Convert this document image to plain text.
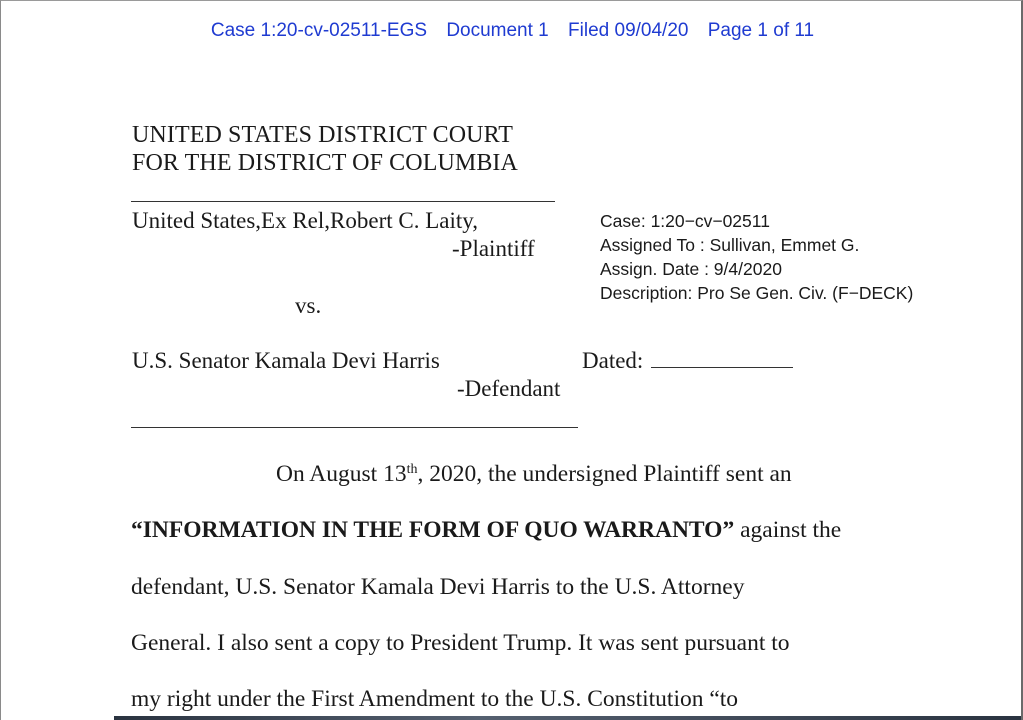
Case 1:20-cv-02511-EGS Document 1 Filed 09/04/20 Page 1 of 11
UNITED STATES DISTRICT COURT
FOR THE DISTRICT OF COLUMBIA
United States,Ex Rel,Robert C. Laity,
-Plaintiff
vs.
U.S. Senator Kamala Devi Harris
-Defendant
Dated:
Case: 1:20−cv−02511
Assigned To : Sullivan, Emmet G.
Assign. Date : 9/4/2020
Description: Pro Se Gen. Civ. (F−DECK)
On August 13th, 2020, the undersigned Plaintiff sent an
“INFORMATION IN THE FORM OF QUO WARRANTO” against the
defendant, U.S. Senator Kamala Devi Harris to the U.S. Attorney
General. I also sent a copy to President Trump. It was sent pursuant to
my right under the First Amendment to the U.S. Constitution “to
